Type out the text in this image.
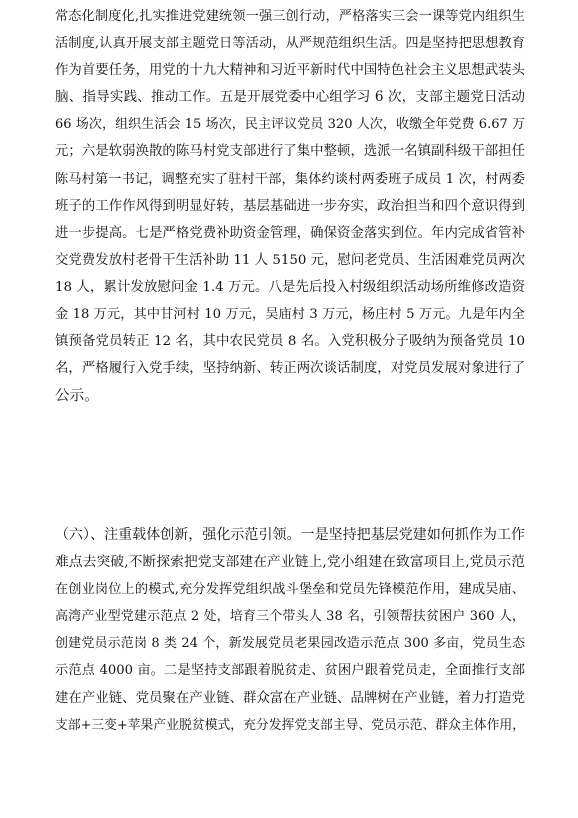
常态化制度化,扎实推进党建统领一强三创行动，严格落实三会一课等党内组织生
活制度,认真开展支部主题党日等活动，从严规范组织生活。四是坚持把思想教育
作为首要任务，用党的十九大精神和习近平新时代中国特色社会主义思想武装头
脑、指导实践、推动工作。五是开展党委中心组学习 6 次，支部主题党日活动
66 场次，组织生活会 15 场次，民主评议党员 320 人次，收缴全年党费 6.67 万
元；六是软弱涣散的陈马村党支部进行了集中整顿，选派一名镇副科级干部担任
陈马村第一书记，调整充实了驻村干部，集体约谈村两委班子成员 1 次，村两委
班子的工作作风得到明显好转，基层基础进一步夯实，政治担当和四个意识得到
进一步提高。七是严格党费补助资金管理，确保资金落实到位。年内完成省管补
交党费发放村老骨干生活补助 11 人 5150 元，慰问老党员、生活困难党员两次
18 人，累计发放慰问金 1.4 万元。八是先后投入村级组织活动场所维修改造资
金 18 万元，其中甘河村 10 万元，吴庙村 3 万元，杨庄村 5 万元。九是年内全
镇预备党员转正 12 名，其中农民党员 8 名。入党积极分子吸纳为预备党员 10
名，严格履行入党手续，坚持纳新、转正两次谈话制度，对党员发展对象进行了
公示。
（六）、注重载体创新，强化示范引领。一是坚持把基层党建如何抓作为工作
难点去突破,不断探索把党支部建在产业链上,党小组建在致富项目上,党员示范
在创业岗位上的模式,充分发挥党组织战斗堡垒和党员先锋模范作用，建成吴庙、
高湾产业型党建示范点 2 处，培育三个带头人 38 名，引领帮扶贫困户 360 人，
创建党员示范岗 8 类 24 个，新发展党员老果园改造示范点 300 多亩，党员生态
示范点 4000 亩。二是坚持支部跟着脱贫走、贫困户跟着党员走，全面推行支部
建在产业链、党员聚在产业链、群众富在产业链、品牌树在产业链，着力打造党
支部+三变+苹果产业脱贫模式，充分发挥党支部主导、党员示范、群众主体作用，
